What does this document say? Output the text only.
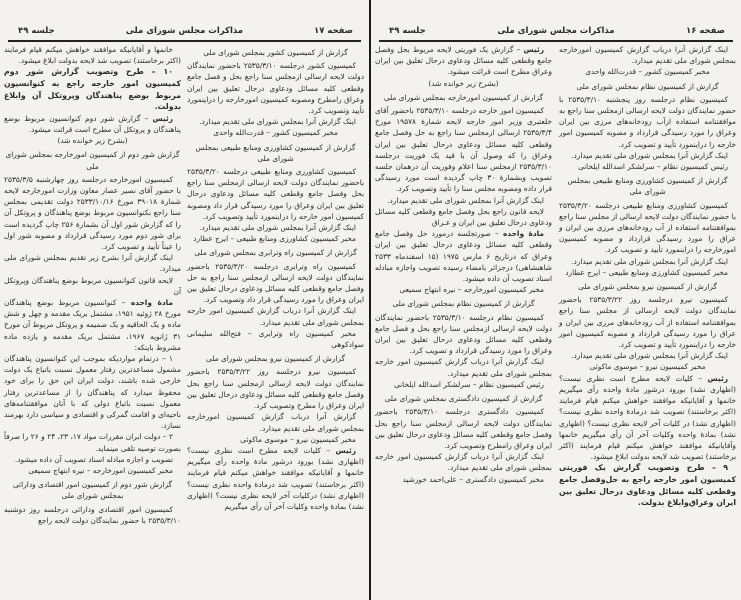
صفحه ۱۷
مذاکرات مجلس شورای ملی
جلسه ۴۹

خانمها و آقایانیکه موافقند خواهش میکنم قیام فرمایند (اکثر برخاستند) تصویب شد لایحه بدولت ابلاغ میشود.

۱۰ – طرح وتصویب گزارش شور دوم کمیسیون امور خارجه راجع به کنوانسیون مربوط بوضع پناهندگان وپروتکل آن وابلاغ بدولت.

رئیس – گزارش شور دوم کنوانسیون مربوط بوضع پناهندگان و پروتکل آن مطرح است قرائت میشود.

(بشرح زیر خوانده شد)

گزارش شور دوم از کمیسیون امورخارجه بمجلس شورای ملی

کمیسیون امورخارجه درجلسه روز چهارشنبه ۲۵۳۵/۳/۵ با حضور آقای نصیر عصار معاون وزارت امورخارجه لایحه شمارهٔ ۳۹۰۱۸ مورخ ۲۵۳۳/۱۰/۱۶ دولت تقدیمی بمجلس سنا راجع بکنوانسیون مربوط بوضع پناهندگان و پروتکل آن را که گزارش شور اول آن بشمارهٔ ۲۵۶ چاپ گردیده است برای شور دوم مورد رسیدگی قرارداد و مصوبه شور اول را عیناً تأیید و تصویب کرد.

اینک گزارش آنرا بشرح زیر تقدیم بمجلس شورای ملی میدارد.

لایحه قانون کنوانسیون مربوط بوضع پناهندگان وپروتکل آن

مادهٔ واحده – کنوانسیون مربوط بوضع پناهندگان مورخ ۲۸ ژوئیه ۱۹۵۱، مشتمل بریک مقدمه و چهل و شش ماده و یک الحاقیه و یک ضمیمه و پروتکل مربوط آن مورخ ۳۱ ژانویه ۱۹۶۷، مشتمل بریک مقدمه و یازده ماده مشروط باینکه:

۱ – درتمام مواردیکه بموجب این کنوانسیون پناهندگان مشمول مساعدترین رفتار معمول نسبت باتباع یک دولت خارجی شده باشند، دولت ایران این حق را برای خود محفوظ میدارد که پناهندگان را از مساعدترین رفتار معمول نسبت باتباع دولی که با آنان موافقتنامه‌های ناحیه‌ای و اقامت گمرکی و اقتصادی و سیاسی دارد بهرمند نسازد.

۲ – دولت ایران مقررات مواد ۱۷، ۲۳، ۲۴ و ۲۶ را صرفاً بصورت توصیه تلقی مینماید.

تصویب و اجازه مبادله اسناد تصویب آن داده میشود.

مخبر کمیسیون امورخارجه – نیره ابتهاج سمیعی

گزارش شور دوم از کمیسیون امور اقتصادی ودارائی بمجلس شورای ملی

کمیسیون امور اقتصادی ودارائی درجلسه روز دوشنبه ۲۵۳۵/۳/۱۰ با حضور نمایندگان دولت لایحه راجع

گزارش از کمیسیون کشور بمجلس شورای ملی

کمیسیون کشور درجلسه ۲۵۳۵/۳/۱۰ باحضور نمایندگان دولت لایحه ارسالی ازمجلس سنا راجع بحل و فصل جامع وقطعی کلیه مسائل ودعاوی درحال تعلیق بین ایران وعراق رامطرح ومصوبه کمیسیون امورخارجه را دراینمورد تأیید وتصویب کرد.

اینک گزارش آنرا بمجلس شورای ملی تقدیم میدارد.

مخبر کمیسیون کشور – قدرت‌الله واحدی

گزارش از کمیسیون کشاورزی ومنابع طبیعی بمجلس شورای ملی

کمیسیون کشاورزی ومنابع طبیعی درجلسه ۲۵۳۵/۳/۲۰ باحضور نمایندگان دولت لایحه ارسالی ازمجلس سنا راجع بحل وفصل جامع وقطعی کلیه مسائل ودعاوی درحال تعلیق بین ایران وعراق را مورد رسیدگی قرار داد ومصوبه کمیسیون امور خارجه را دراینمورد تأیید وتصویب کرد.

اینک گزارش آنرا بمجلس شورای ملی تقدیم میدارد.

مخبر کمیسیون کشاورزی ومنابع طبیعی – ایرج عطارد

گزارش از کمیسیون راه وترابری بمجلس شورای ملی

کمیسیون راه وترابری درجلسه ۲۵۳۵/۳/۲۰ باحضور نمایندگان دولت لایحه ارسالی ازمجلس سنا راجع به حل وفصل جامع وقطعی کلیه مسائل ودعاوی درحال تعلیق بین ایران وعراق را مورد رسیدگی قرار داد وتصویب کرد.

اینک گزارش آنرا درباب گزارش کمیسیون امور خارجه بمجلس شورای ملی تقدیم میدارد.

مخبر کمیسیون راه وترابری – فتح‌الله سلیمانی سوادکوهی

گزارش از کمیسیون نیرو بمجلس شورای ملی

کمیسیون نیرو درجلسه روز ۲۵۳۵/۳/۲۲ باحضور نمایندگان دولت لایحه ارسالی ازمجلس سنا راجع بحل وفصل جامع وقطعی کلیه مسائل ودعاوی درحال تعلیق بین ایران وعراق را مطرح وتصویب کرد.

گزارش آنرا درباب گزارش کمیسیون امورخارجه بمجلس شورای ملی تقدیم میدارد.

مخبر کمیسیون نیرو – موسوی ماکوئی

رئیس – کلیات لایحه مطرح است نظری نیست؟ (اظهاری نشد) بورود درشور مادهٔ واحده رأی میگیریم خانمها و آقایانیکه موافقند خواهش میکنم قیام فرمایند (اکثر برخاستند) تصویب شد درمادهٔ واحده نظری نیست؟ (اظهاری نشد) درکلیات آخر لایحه نظری نیست؟ (اظهاری نشد) بمادهٔ واحده وکلیات آخر آن رأی میگیریم

صفحه ۱۶
مذاکرات مجلس شورای ملی
جلسه ۴۹

رئیس – گزارش یک فوریتی لایحه مربوط بحل وفصل جامع وقطعی کلیه مسائل ودعاوی درحال تعلیق بین ایران وعراق مطرح است قرائت میشود.

(بشرح زیر خوانده شد)

گزارش از کمیسیون امورخارجه بمجلس شورای ملی

کمیسیون امور خارجه درجلسه ۲۵۳۵/۳/۱۰ باحضور آقای خلعتبری وزیر امور خارجه لایحه شمارهٔ ۱۹۵۷۸ مورخ ۲۵۳۵/۳/۴ ارسالی ازمجلس سنا راجع به حل وفصل جامع وقطعی کلیه مسائل ودعاوی درحال تعلیق بین ایران وعراق را که وصول آن با قید یک فوریت درجلسه ۲۵۳۵/۳/۱۰ ازمجلس سنا اعلام وفوریت آن درهمان جلسه تصویب وبشمارهٔ ۳۰ چاپ گردیده است مورد رسیدگی قرار داده ومصوبه مجلس سنا را تأیید وتصویب کرد.

اینک گزارش آنرا بمجلس شورای ملی تقدیم میدارد.

لایحه قانون راجع بحل وفصل جامع وقطعی کلیه مسائل ودعاوی درحال تعلیق بین ایران و عـراق

مادهٔ واحده – صورتجلسه درمورد حل وفصل جامع وقطعی کلیه مسائل ودعاوی درحال تعلیق بین ایران وعراق که درتاریخ ۶ مارس ۱۹۷۵ (۱۵ اسفندماه ۲۵۳۳ شاهنشاهی) درجزائر بامضاء رسیده تصویب واجازه مبادله اسناد تصویب آن داده میشود.

مخبر کمیسیون امورخارجه – نیره ابتهاج سمیعی

گزارش از کمیسیون نظام بمجلس شورای ملی

کمیسیون نظام درجلسه ۲۵۳۵/۳/۱۰ باحضور نمایندگان دولت لایحه ارسالی ازمجلس سنا راجع بحل و فصل جامع وقطعی کلیه مسائل ودعاوی درحال تعلیق بین ایران وعراق را مورد رسیدگی قرارداد و تصویب کرد.

اینک گزارش آنرا درباب گزارش کمیسیون امور خارجه بمجلس شورای ملی تقدیم میدارد.

رئیس کمیسیون نظام – سرلشکر اسدالله ایلخانی

گزارش از کمیسیون دادگستری بمجلس شورای ملی

کمیسیون دادگستری درجلسه ۲۵۳۵/۳/۱۰ باحضور نمایندگان دولت لایحه ارسالی ازمجلس سنا راجع بحل وفصل جامع وقطعی کلیه مسائل ودعاوی درحال تعلیق بین ایران وعراق رامطرح وتصویب کرد.

اینک گزارش آنرا درباب گزارش کمیسیون امور خارجه بمجلس شورای ملی تقدیم میدارد.

مخبر کمیسیون دادگستری – علی‌احمد خورشید

اینک گزارش آنرا درباب گزارش کمیسیون امورخارجه بمجلس شورای ملی تقدیم میدارد.

مخبر کمیسیون کشور – قدرت‌الله واحدی

گزارش از کمیسیون نظام بمجلس شورای ملی

کمیسیون نظام درجلسه روز پنجشنبه ۲۵۳۵/۳/۱۰ با حضور نمایندگان دولت لایحه ارسالی ازمجلس سنا راجع به موافقتنامه استفاده ازآب رودخانه‌های مرزی بین ایران وعراق را مورد رسیدگی قرارداد و مصوبه کمیسیون امور خارجه را دراینمورد تأیید و تصویب کرد.

اینک گزارش آنرا بمجلس شورای ملی تقدیم میدارد.

رئیس کمیسیون نظام – سرلشکر اسدالله ایلخانی

گزارش از کمیسیون کشاورزی ومنابع طبیعی بمجلس شورای ملی

کمیسیون کشاورزی ومنابع طبیعی درجلسه ۲۵۳۵/۳/۲۰ با حضور نمایندگان دولت لایحه ارسالی از مجلس سنا راجع بموافقتنامه استفاده از آب رودخانه‌های مرزی بین ایران و عراق را مورد رسیدگی قرارداد و مصوبه کمیسیون امورخارجه را دراینمورد تأیید و تصویب کرد.

اینک گزارش آنرا بمجلس شورای ملی تقدیم میدارد.

مخبر کمیسیون کشاورزی ومنابع طبیعی – ایرج عطارد

گزارش از کمیسیون نیرو بمجلس شورای ملی

کمیسیون نیرو درجلسه روز ۲۵۳۵/۳/۲۲ باحضور نمایندگان دولت لایحه ارسالی از مجلس سنا راجع بموافقتنامه استفاده از آب رودخانه‌های مرزی بین ایران و عراق را مورد رسیدگی قرارداد و مصوبه کمیسیون امور خارجه را دراینمورد تأیید و تصویب کرد.

اینک گزارش آنرا بمجلس شورای ملی تقدیم میدارد.

مخبر کمیسیون نیرو – موسوی ماکوئی

رئیس – کلیات لایحه مطرح است نظری نیست؟ (اظهاری نشد) بورود درشور مادهٔ واحده رأی میگیریم خانمها و آقایانیکه موافقند خواهش میکنم قیام فرمایند (اکثر برخاستند) تصویب شد درمادهٔ واحده نظری نیست؟ (اظهاری نشد) در کلیات آخر لایحه نظری نیست؟ (اظهاری نشد) بمادهٔ واحده وکلیات آخر آن رأی میگیریم خانمها وآقایانیکه موافقند خواهش میکنم قیام فرمایند (اکثر برخاستند) تصویب شد لایحه بدولت ابلاغ میشود.

۹ – طرح وتصویب گزارش یک فوریتی کمیسیون امور خارجه راجع به حل‌وفصل جامع وقطعی کلیه مسائل ودعاوی درحال تعلیق بین ایران وعراق‌وابلاغ بدولت.
